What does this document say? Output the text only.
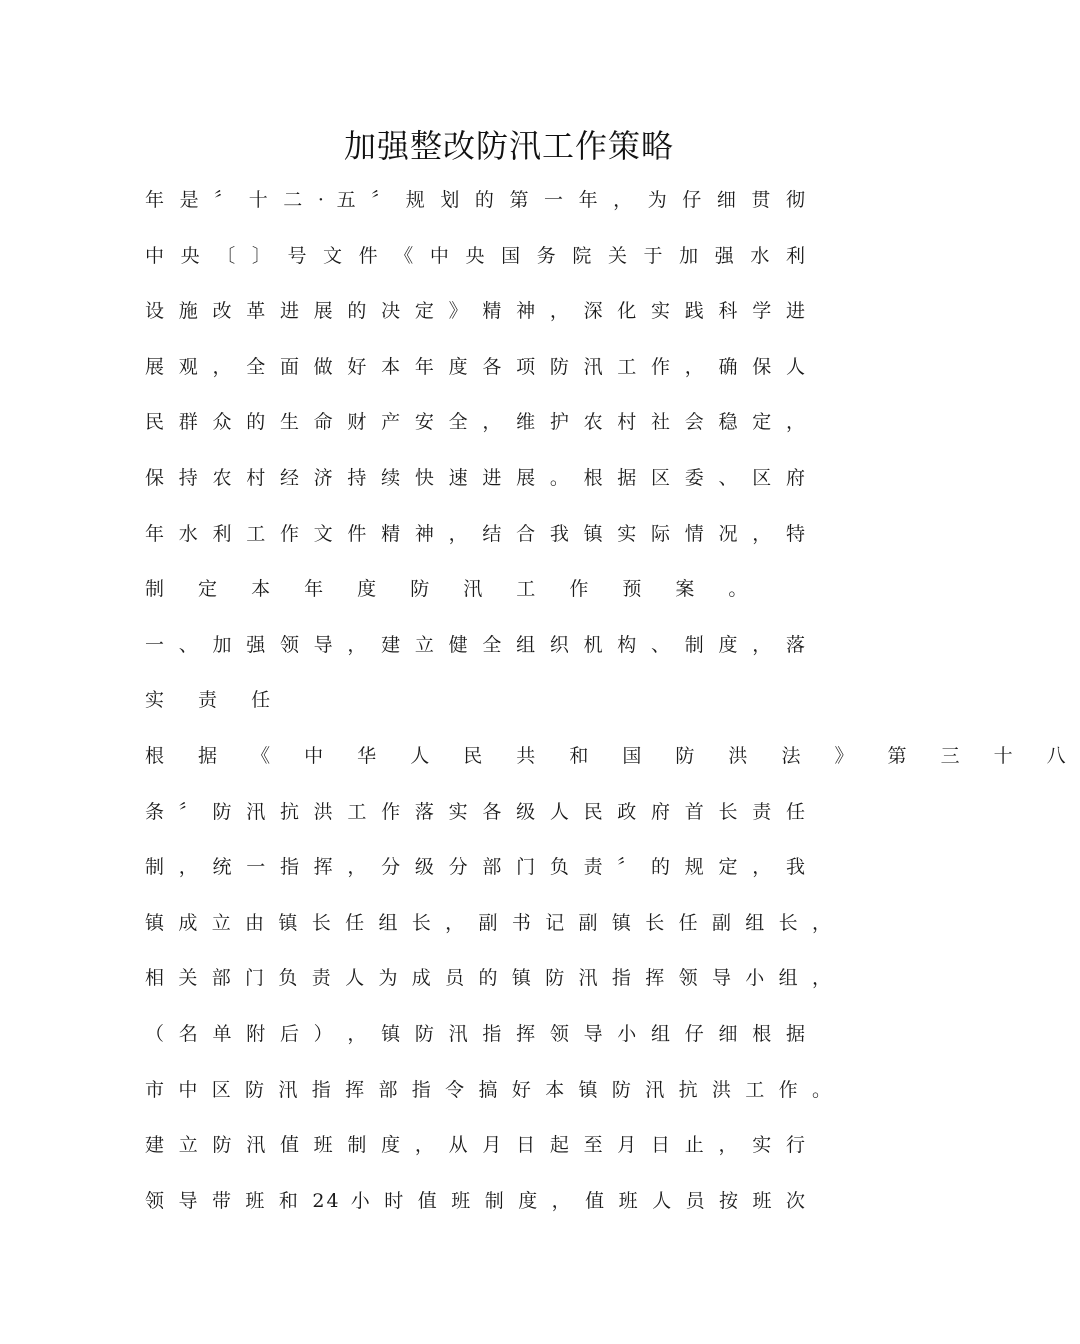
加强整改防汛工作策略

年 是 〞 十 二 · 五 〞 规 划 的 第 一 年 ， 为 仔 细 贯 彻

中 央 〔 〕 号 文 件 《 中 央 国 务 院 关 于 加 强 水 利

设 施 改 革 进 展 的 决 定 》 精 神 ， 深 化 实 践 科 学 进

展 观 ， 全 面 做 好 本 年 度 各 项 防 汛 工 作 ， 确 保 人

民 群 众 的 生 命 财 产 安 全 ， 维 护 农 村 社 会 稳 定 ，

保 持 农 村 经 济 持 续 快 速 进 展 。 根 据 区 委 、 区 府

年 水 利 工 作 文 件 精 神 ， 结 合 我 镇 实 际 情 况 ， 特

制 定 本 年 度 防 汛 工 作 预 案 。

一 、 加 强 领 导 ， 建 立 健 全 组 织 机 构 、 制 度 ， 落

实 责 任

根 据 《 中 华 人 民 共 和 国 防 洪 法 》 第 三 十 八

条 〞 防 汛 抗 洪 工 作 落 实 各 级 人 民 政 府 首 长 责 任

制 ， 统 一 指 挥 ， 分 级 分 部 门 负 责 〞 的 规 定 ， 我

镇 成 立 由 镇 长 任 组 长 ， 副 书 记 副 镇 长 任 副 组 长 ，

相 关 部 门 负 责 人 为 成 员 的 镇 防 汛 指 挥 领 导 小 组 ，

（ 名 单 附 后 ） ， 镇 防 汛 指 挥 领 导 小 组 仔 细 根 据

市 中 区 防 汛 指 挥 部 指 令 搞 好 本 镇 防 汛 抗 洪 工 作 。

建 立 防 汛 值 班 制 度 ， 从 月 日 起 至 月 日 止 ， 实 行

领 导 带 班 和 24 小 时 值 班 制 度 ， 值 班 人 员 按 班 次
